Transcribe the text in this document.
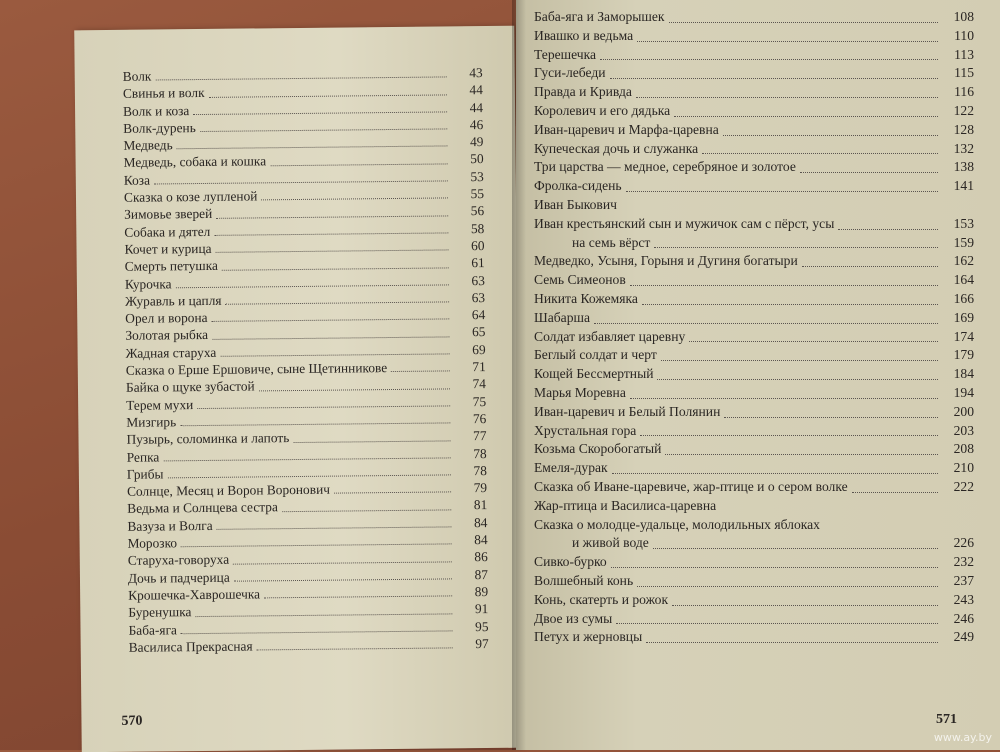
Волк	43
Свинья и волк	44
Волк и коза	44
Волк-дурень	46
Медведь	49
Медведь, собака и кошка	50
Коза	53
Сказка о козе лупленой	55
Зимовье зверей	56
Собака и дятел	58
Кочет и курица	60
Смерть петушка	61
Курочка	63
Журавль и цапля	63
Орел и ворона	64
Золотая рыбка	65
Жадная старуха	69
Сказка о Ерше Ершовиче, сыне Щетинникове	71
Байка о щуке зубастой	74
Терем мухи	75
Мизгирь	76
Пузырь, соломинка и лапоть	77
Репка	78
Грибы	78
Солнце, Месяц и Ворон Воронович	79
Ведьма и Солнцева сестра	81
Вазуза и Волга	84
Морозко	84
Старуха-говоруха	86
Дочь и падчерица	87
Крошечка-Хаврошечка	89
Буренушка	91
Баба-яга	95
Василиса Прекрасная	97
570
Баба-яга и Заморышек	108
Ивашко и ведьма	110
Терешечка	113
Гуси-лебеди	115
Правда и Кривда	116
Королевич и его дядька	122
Иван-царевич и Марфа-царевна	128
Купеческая дочь и служанка	132
Три царства — медное, серебряное и золотое	138
Фролка-сидень	141
Иван Быкович
Иван крестьянский сын и мужичок сам с пёрст, усы	153
на семь вёрст	159
Медведко, Усыня, Горыня и Дугиня богатыри	162
Семь Симеонов	164
Никита Кожемяка	166
Шабарша	169
Солдат избавляет царевну	174
Беглый солдат и черт	179
Кощей Бессмертный	184
Марья Моревна	194
Иван-царевич и Белый Полянин	200
Хрустальная гора	203
Козьма Скоробогатый	208
Емеля-дурак	210
Сказка об Иване-царевиче, жар-птице и о сером волке	222
Жар-птица и Василиса-царевна
Сказка о молодце-удальце, молодильных яблоках
и живой воде	226
Сивко-бурко	232
Волшебный конь	237
Конь, скатерть и рожок	243
Двое из сумы	246
Петух и жерновцы	249
571
www.ay.by
